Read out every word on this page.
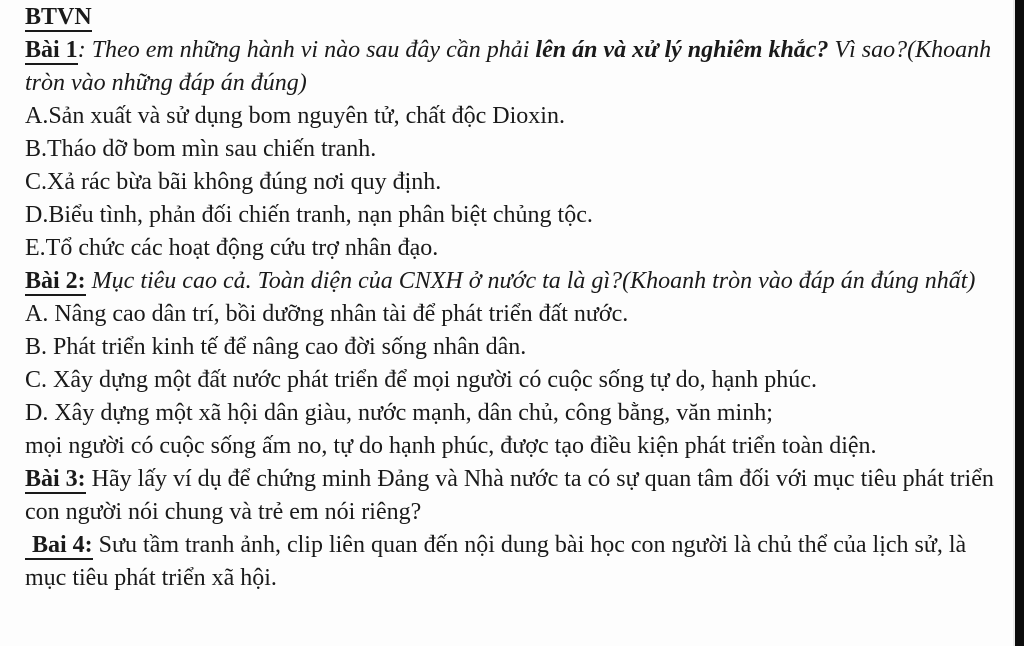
BTVN

Bài 1: Theo em những hành vi nào sau đây cần phải lên án và xử lý nghiêm khắc? Vì sao?(Khoanh tròn vào những đáp án đúng)

A.Sản xuất và sử dụng bom nguyên tử, chất độc Dioxin.

B.Tháo dỡ bom mìn sau chiến tranh.

C.Xả rác bừa bãi không đúng nơi quy định.

D.Biểu tình, phản đối chiến tranh, nạn phân biệt chủng tộc.

E.Tổ chức các hoạt động cứu trợ nhân đạo.

Bài 2: Mục tiêu cao cả. Toàn diện của CNXH ở nước ta là gì?(Khoanh tròn vào đáp án đúng nhất)

A. Nâng cao dân trí, bồi dưỡng nhân tài để phát triển đất nước.

B. Phát triển kinh tế để nâng cao đời sống nhân dân.

C. Xây dựng một đất nước phát triển để mọi người có cuộc sống tự do, hạnh phúc.

D. Xây dựng một xã hội dân giàu, nước mạnh, dân chủ, công bằng, văn minh;

mọi người có cuộc sống ấm no, tự do hạnh phúc, được tạo điều kiện phát triển toàn diện.

Bài 3: Hãy lấy ví dụ để chứng minh Đảng và Nhà nước ta có sự quan tâm đối với mục tiêu phát triển con người nói chung và trẻ em nói riêng?

Bai 4: Sưu tầm tranh ảnh, clip liên quan đến nội dung bài học con người là chủ thể của lịch sử, là mục tiêu phát triển xã hội.
